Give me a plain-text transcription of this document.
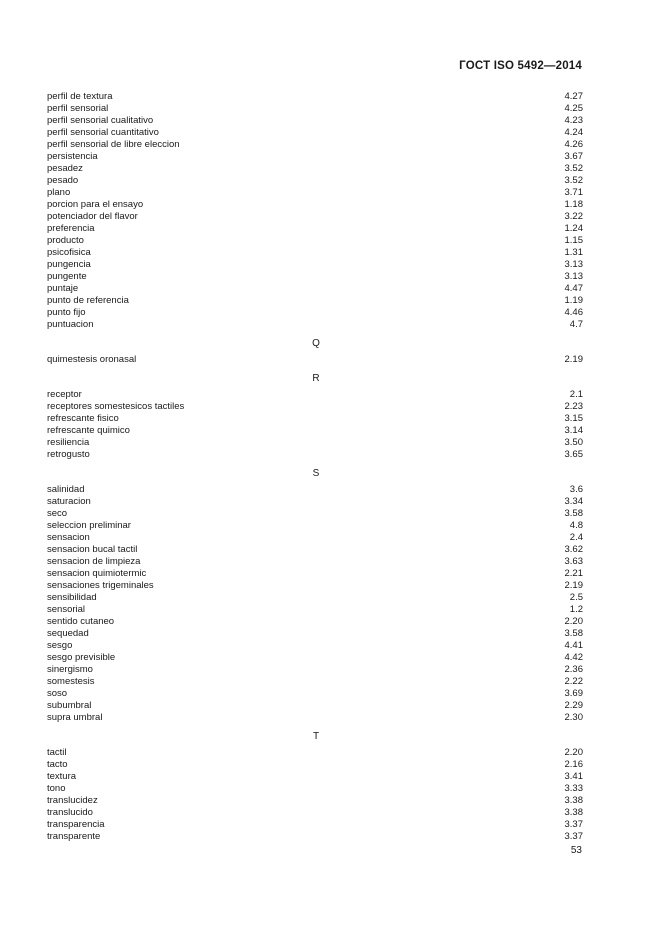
ГОСТ ISO 5492—2014
perfil de textura	4.27
perfil sensorial	4.25
perfil sensorial cualitativo	4.23
perfil sensorial cuantitativo	4.24
perfil sensorial de libre eleccion	4.26
persistencia	3.67
pesadez	3.52
pesado	3.52
plano	3.71
porcion para el ensayo	1.18
potenciador del flavor	3.22
preferencia	1.24
producto	1.15
psicofisica	1.31
pungencia	3.13
pungente	3.13
puntaje	4.47
punto de referencia	1.19
punto fijo	4.46
puntuacion	4.7
Q
quimestesis oronasal	2.19
R
receptor	2.1
receptores somestesicos tactiles	2.23
refrescante fisico	3.15
refrescante quimico	3.14
resiliencia	3.50
retrogusto	3.65
S
salinidad	3.6
saturacion	3.34
seco	3.58
seleccion preliminar	4.8
sensacion	2.4
sensacion bucal tactil	3.62
sensacion de limpieza	3.63
sensacion quimiotermic	2.21
sensaciones trigeminales	2.19
sensibilidad	2.5
sensorial	1.2
sentido cutaneo	2.20
sequedad	3.58
sesgo	4.41
sesgo previsible	4.42
sinergismo	2.36
somestesis	2.22
soso	3.69
subumbral	2.29
supra umbral	2.30
T
tactil	2.20
tacto	2.16
textura	3.41
tono	3.33
translucidez	3.38
translucido	3.38
transparencia	3.37
transparente	3.37
53
